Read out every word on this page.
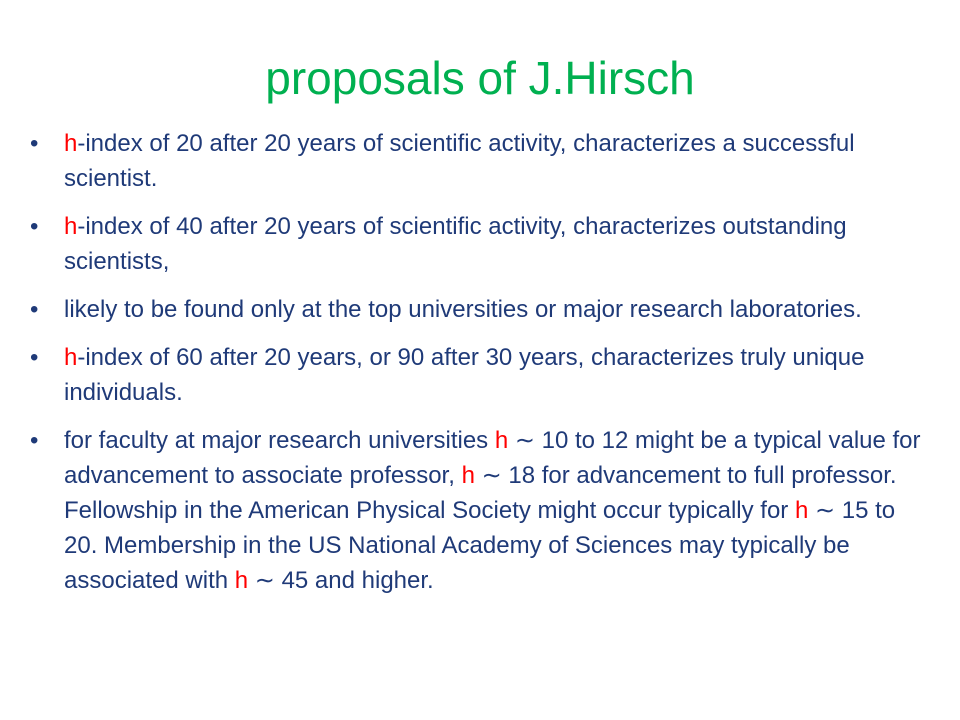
proposals of J.Hirsch
•	h-index of 20 after 20 years of scientific activity, characterizes a successful scientist.
•	h-index of 40 after 20 years of scientific activity, characterizes outstanding scientists,
•	likely to be found only at the top universities or major research laboratories.
•	h-index of 60 after 20 years, or 90 after 30 years, characterizes truly unique individuals.
•	for faculty at major research universities h ∼ 10 to 12 might be a typical value for advancement to associate professor, h ∼ 18 for advancement to full professor. Fellowship in the American Physical Society might occur typically for h ∼ 15 to 20. Membership in the US National Academy of Sciences may typically be associated with h ∼ 45 and higher.
